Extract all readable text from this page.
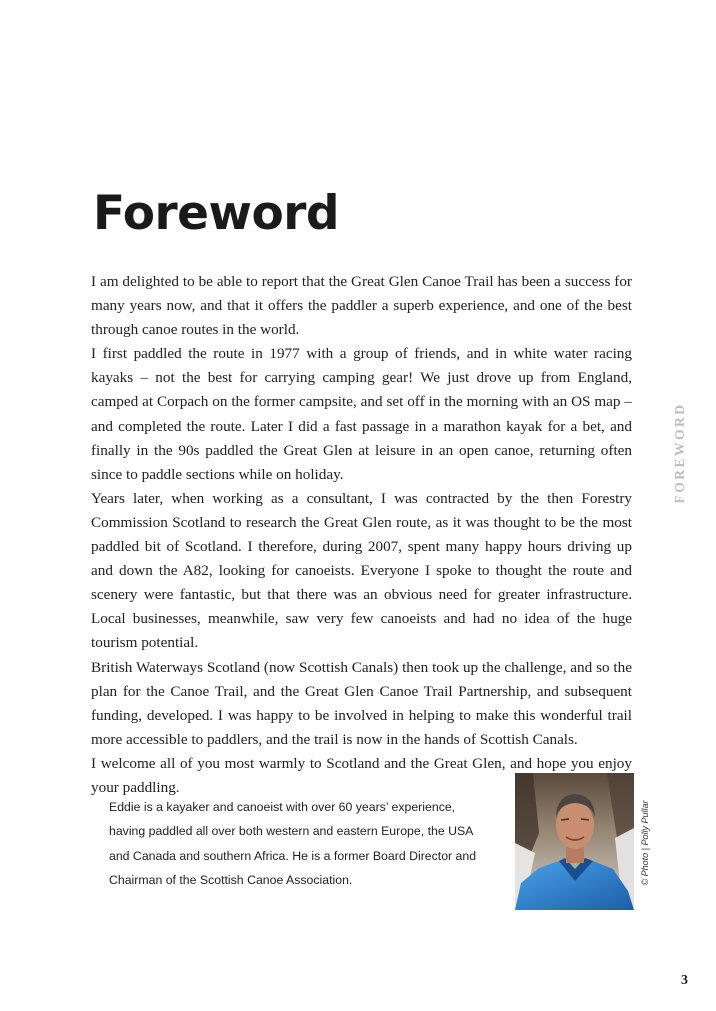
Foreword

I am delighted to be able to report that the Great Glen Canoe Trail has been a success for many years now, and that it offers the paddler a superb experience, and one of the best through canoe routes in the world.

I first paddled the route in 1977 with a group of friends, and in white water racing kayaks – not the best for carrying camping gear! We just drove up from England, camped at Corpach on the former campsite, and set off in the morning with an OS map – and completed the route. Later I did a fast passage in a marathon kayak for a bet, and finally in the 90s paddled the Great Glen at leisure in an open canoe, returning often since to paddle sections while on holiday.

Years later, when working as a consultant, I was contracted by the then Forestry Commission Scotland to research the Great Glen route, as it was thought to be the most paddled bit of Scotland. I therefore, during 2007, spent many happy hours driving up and down the A82, looking for canoeists. Everyone I spoke to thought the route and scenery were fantastic, but that there was an obvious need for greater infrastructure. Local businesses, meanwhile, saw very few canoeists and had no idea of the huge tourism potential.

British Waterways Scotland (now Scottish Canals) then took up the challenge, and so the plan for the Canoe Trail, and the Great Glen Canoe Trail Partnership, and subsequent funding, developed. I was happy to be involved in helping to make this wonderful trail more accessible to paddlers, and the trail is now in the hands of Scottish Canals.

I welcome all of you most warmly to Scotland and the Great Glen, and hope you enjoy your paddling.

FOREWORD

Eddie is a kayaker and canoeist with over 60 years’ experience,

having paddled all over both western and eastern Europe, the USA

and Canada and southern Africa. He is a former Board Director and

Chairman of the Scottish Canoe Association.	© Photo | Polly Pullar
3
